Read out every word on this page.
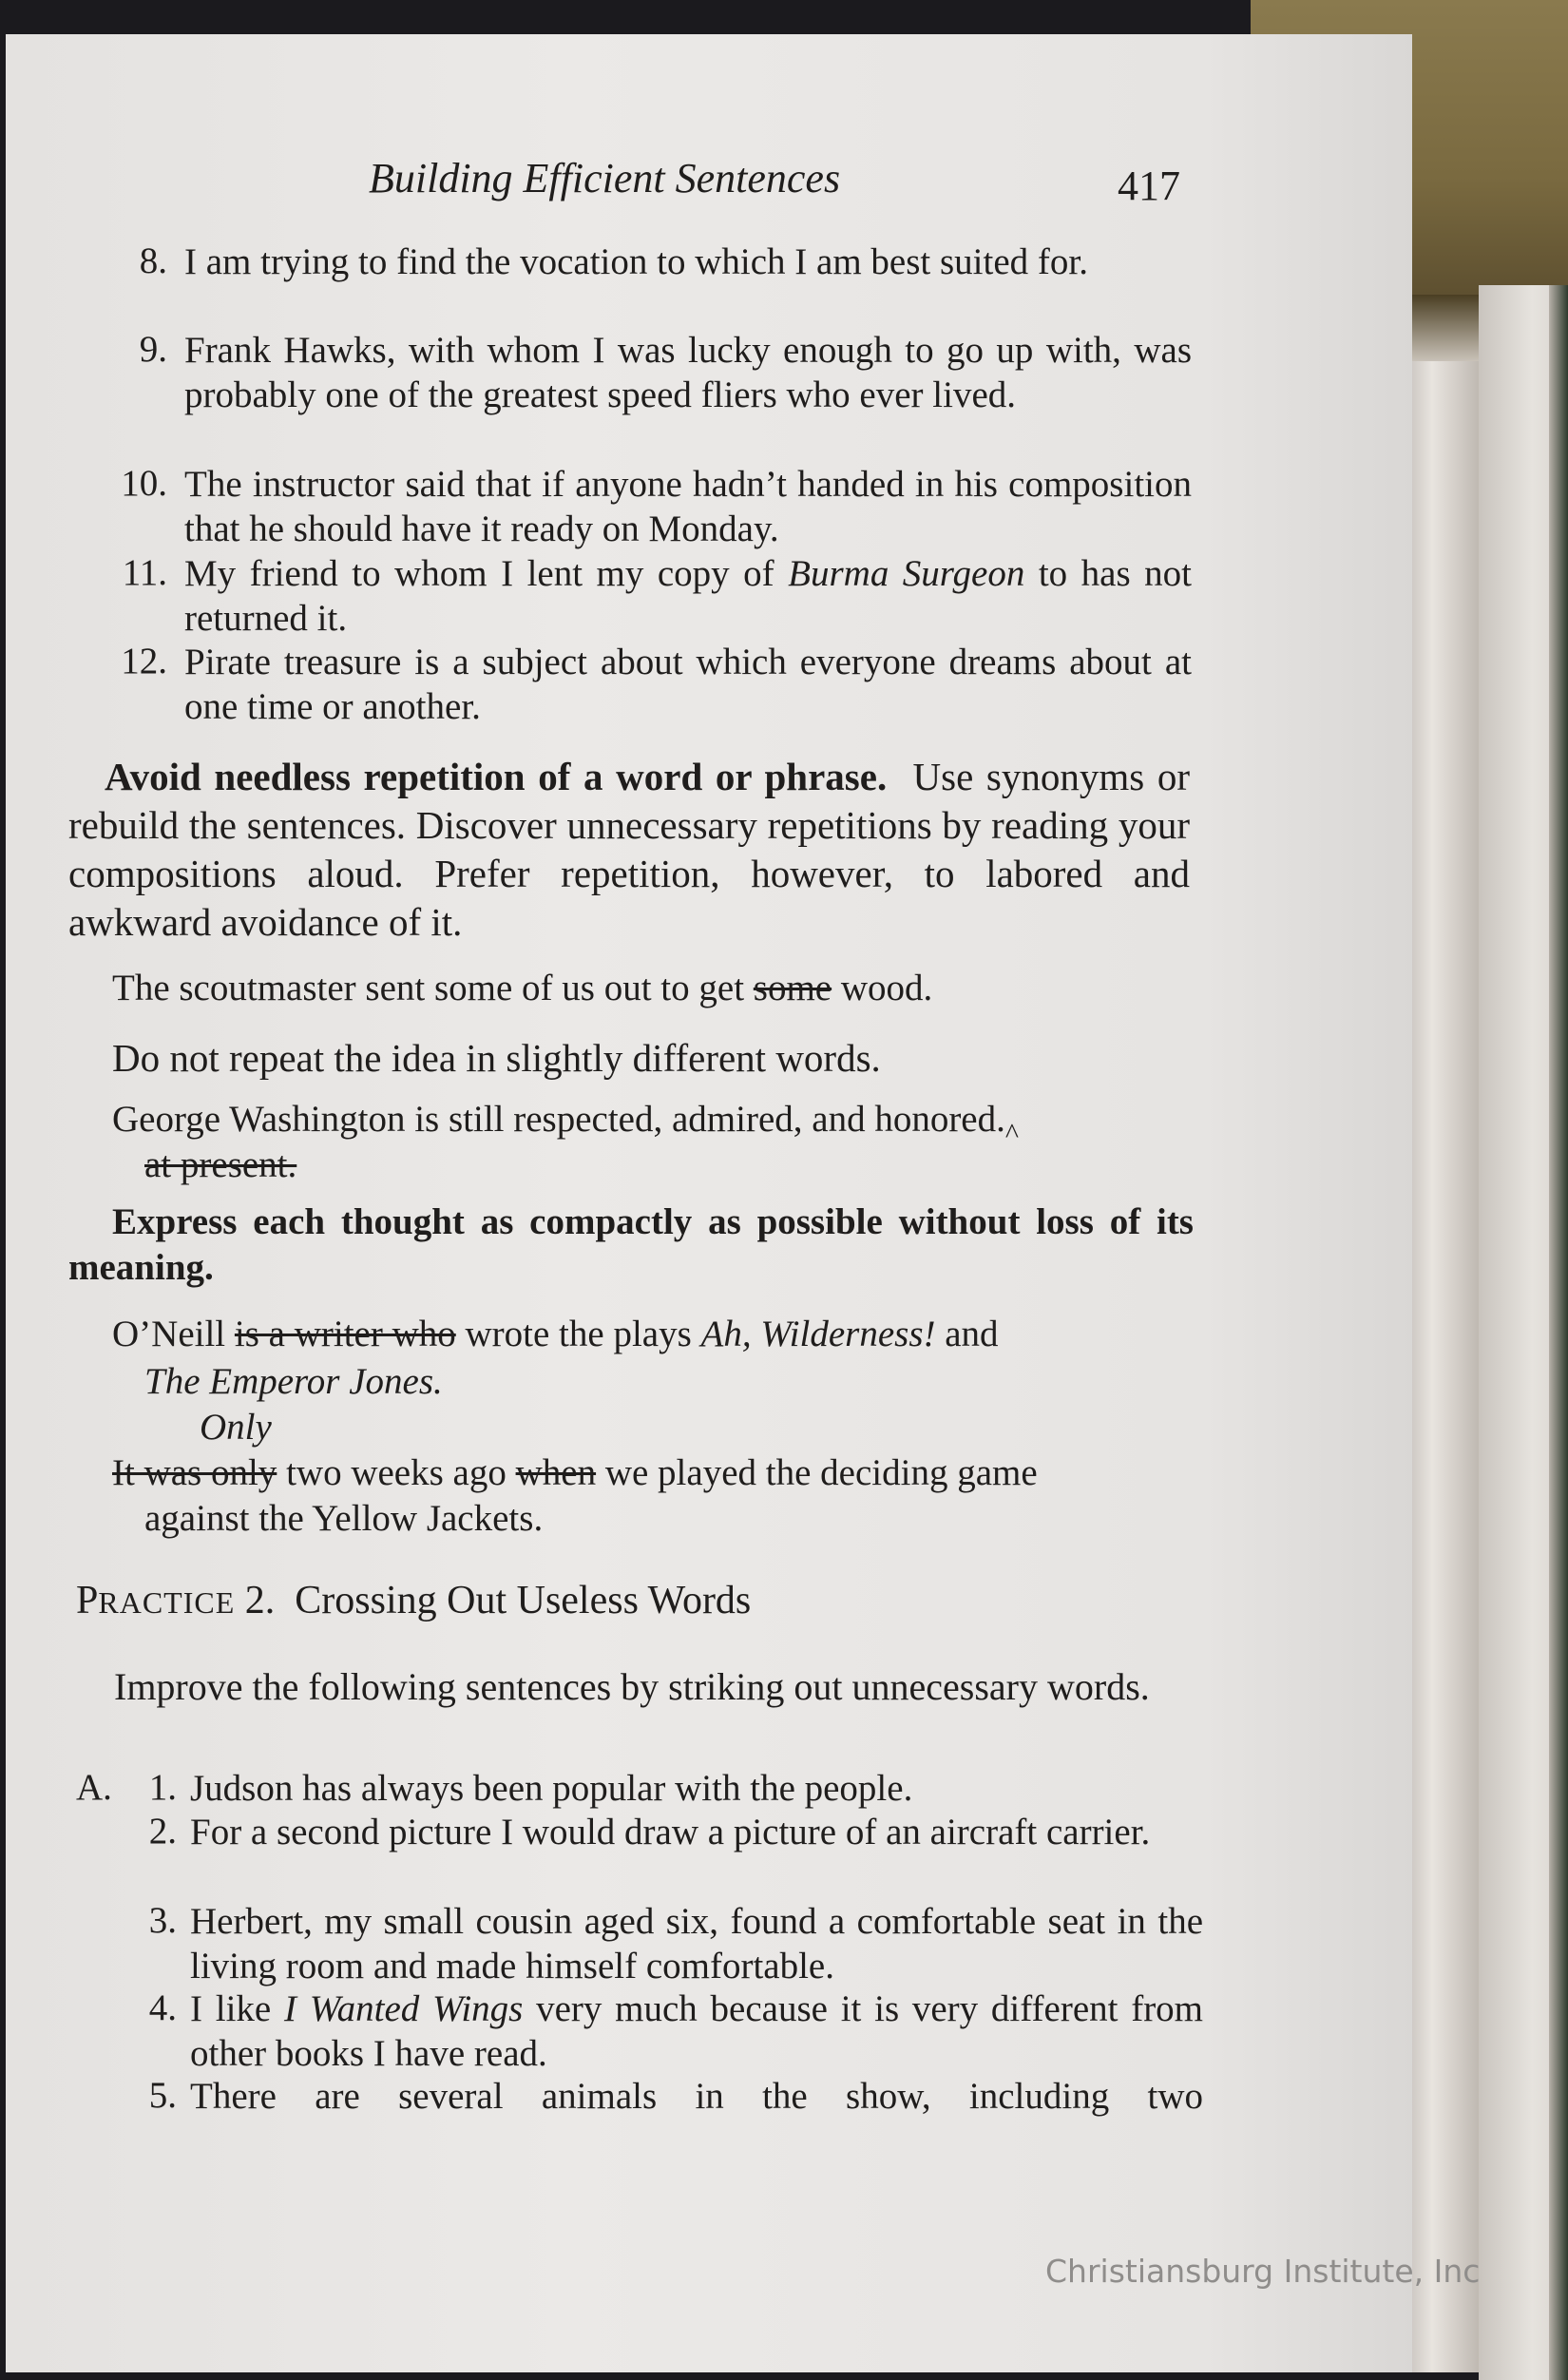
Building Efficient Sentences	417
8. I am trying to find the vocation to which I am best suited for.
9. Frank Hawks, with whom I was lucky enough to go up with, was probably one of the greatest speed fliers who ever lived.
10. The instructor said that if anyone hadn’t handed in his composition that he should have it ready on Monday.
11. My friend to whom I lent my copy of Burma Surgeon to has not returned it.
12. Pirate treasure is a subject about which everyone dreams about at one time or another.
Avoid needless repetition of a word or phrase. Use synonyms or rebuild the sentences. Discover unnecessary repetitions by reading your compositions aloud. Prefer repetition, however, to labored and awkward avoidance of it.
The scoutmaster sent some of us out to get some wood.
Do not repeat the idea in slightly different words.
George Washington is still respected, admired, and $honored._{\^{}}$
at present.
Express each thought as compactly as possible without loss of its meaning.
O’Neill is a writer who wrote the plays Ah, Wilderness! and
The Emperor Jones.
Only
It was only two weeks ago when we played the deciding game
against the Yellow Jackets.
PRACTICE 2. Crossing Out Useless Words
Improve the following sentences by striking out unnecessary words.
A. 1. Judson has always been popular with the people.
2. For a second picture I would draw a picture of an aircraft carrier.
3. Herbert, my small cousin aged six, found a comfortable seat in the living room and made himself comfortable.
4. I like I Wanted Wings very much because it is very different from other books I have read.
5. There are several animals in the show, including two
Christiansburg Institute, Inc
